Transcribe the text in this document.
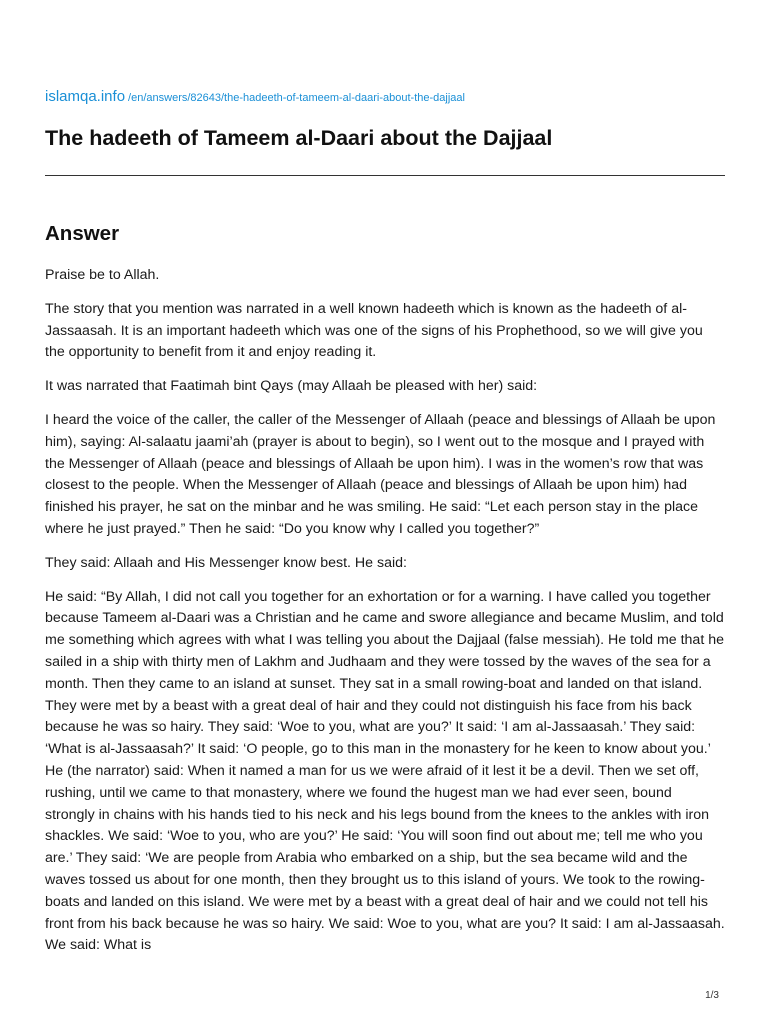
islamqa.info /en/answers/82643/the-hadeeth-of-tameem-al-daari-about-the-dajjaal
The hadeeth of Tameem al-Daari about the Dajjaal
Answer

Praise be to Allah.

The story that you mention was narrated in a well known hadeeth which is known as the hadeeth of al-Jassaasah. It is an important hadeeth which was one of the signs of his Prophethood, so we will give you the opportunity to benefit from it and enjoy reading it.

It was narrated that Faatimah bint Qays (may Allaah be pleased with her) said:

I heard the voice of the caller, the caller of the Messenger of Allaah (peace and blessings of Allaah be upon him), saying: Al-salaatu jaami’ah (prayer is about to begin), so I went out to the mosque and I prayed with the Messenger of Allaah (peace and blessings of Allaah be upon him). I was in the women’s row that was closest to the people. When the Messenger of Allaah (peace and blessings of Allaah be upon him) had finished his prayer, he sat on the minbar and he was smiling. He said: “Let each person stay in the place where he just prayed.” Then he said: “Do you know why I called you together?”

They said: Allaah and His Messenger know best. He said:

He said: “By Allah, I did not call you together for an exhortation or for a warning. I have called you together because Tameem al-Daari was a Christian and he came and swore allegiance and became Muslim, and told me something which agrees with what I was telling you about the Dajjaal (false messiah). He told me that he sailed in a ship with thirty men of Lakhm and Judhaam and they were tossed by the waves of the sea for a month. Then they came to an island at sunset. They sat in a small rowing-boat and landed on that island. They were met by a beast with a great deal of hair and they could not distinguish his face from his back because he was so hairy. They said: ‘Woe to you, what are you?’ It said: ‘I am al-Jassaasah.’ They said: ‘What is al-Jassaasah?’ It said: ‘O people, go to this man in the monastery for he keen to know about you.’ He (the narrator) said: When it named a man for us we were afraid of it lest it be a devil. Then we set off, rushing, until we came to that monastery, where we found the hugest man we had ever seen, bound strongly in chains with his hands tied to his neck and his legs bound from the knees to the ankles with iron shackles. We said: ‘Woe to you, who are you?’ He said: ‘You will soon find out about me; tell me who you are.’ They said: ‘We are people from Arabia who embarked on a ship, but the sea became wild and the waves tossed us about for one month, then they brought us to this island of yours. We took to the rowing-boats and landed on this island. We were met by a beast with a great deal of hair and we could not tell his front from his back because he was so hairy. We said: Woe to you, what are you? It said: I am al-Jassaasah. We said: What is

1/3
